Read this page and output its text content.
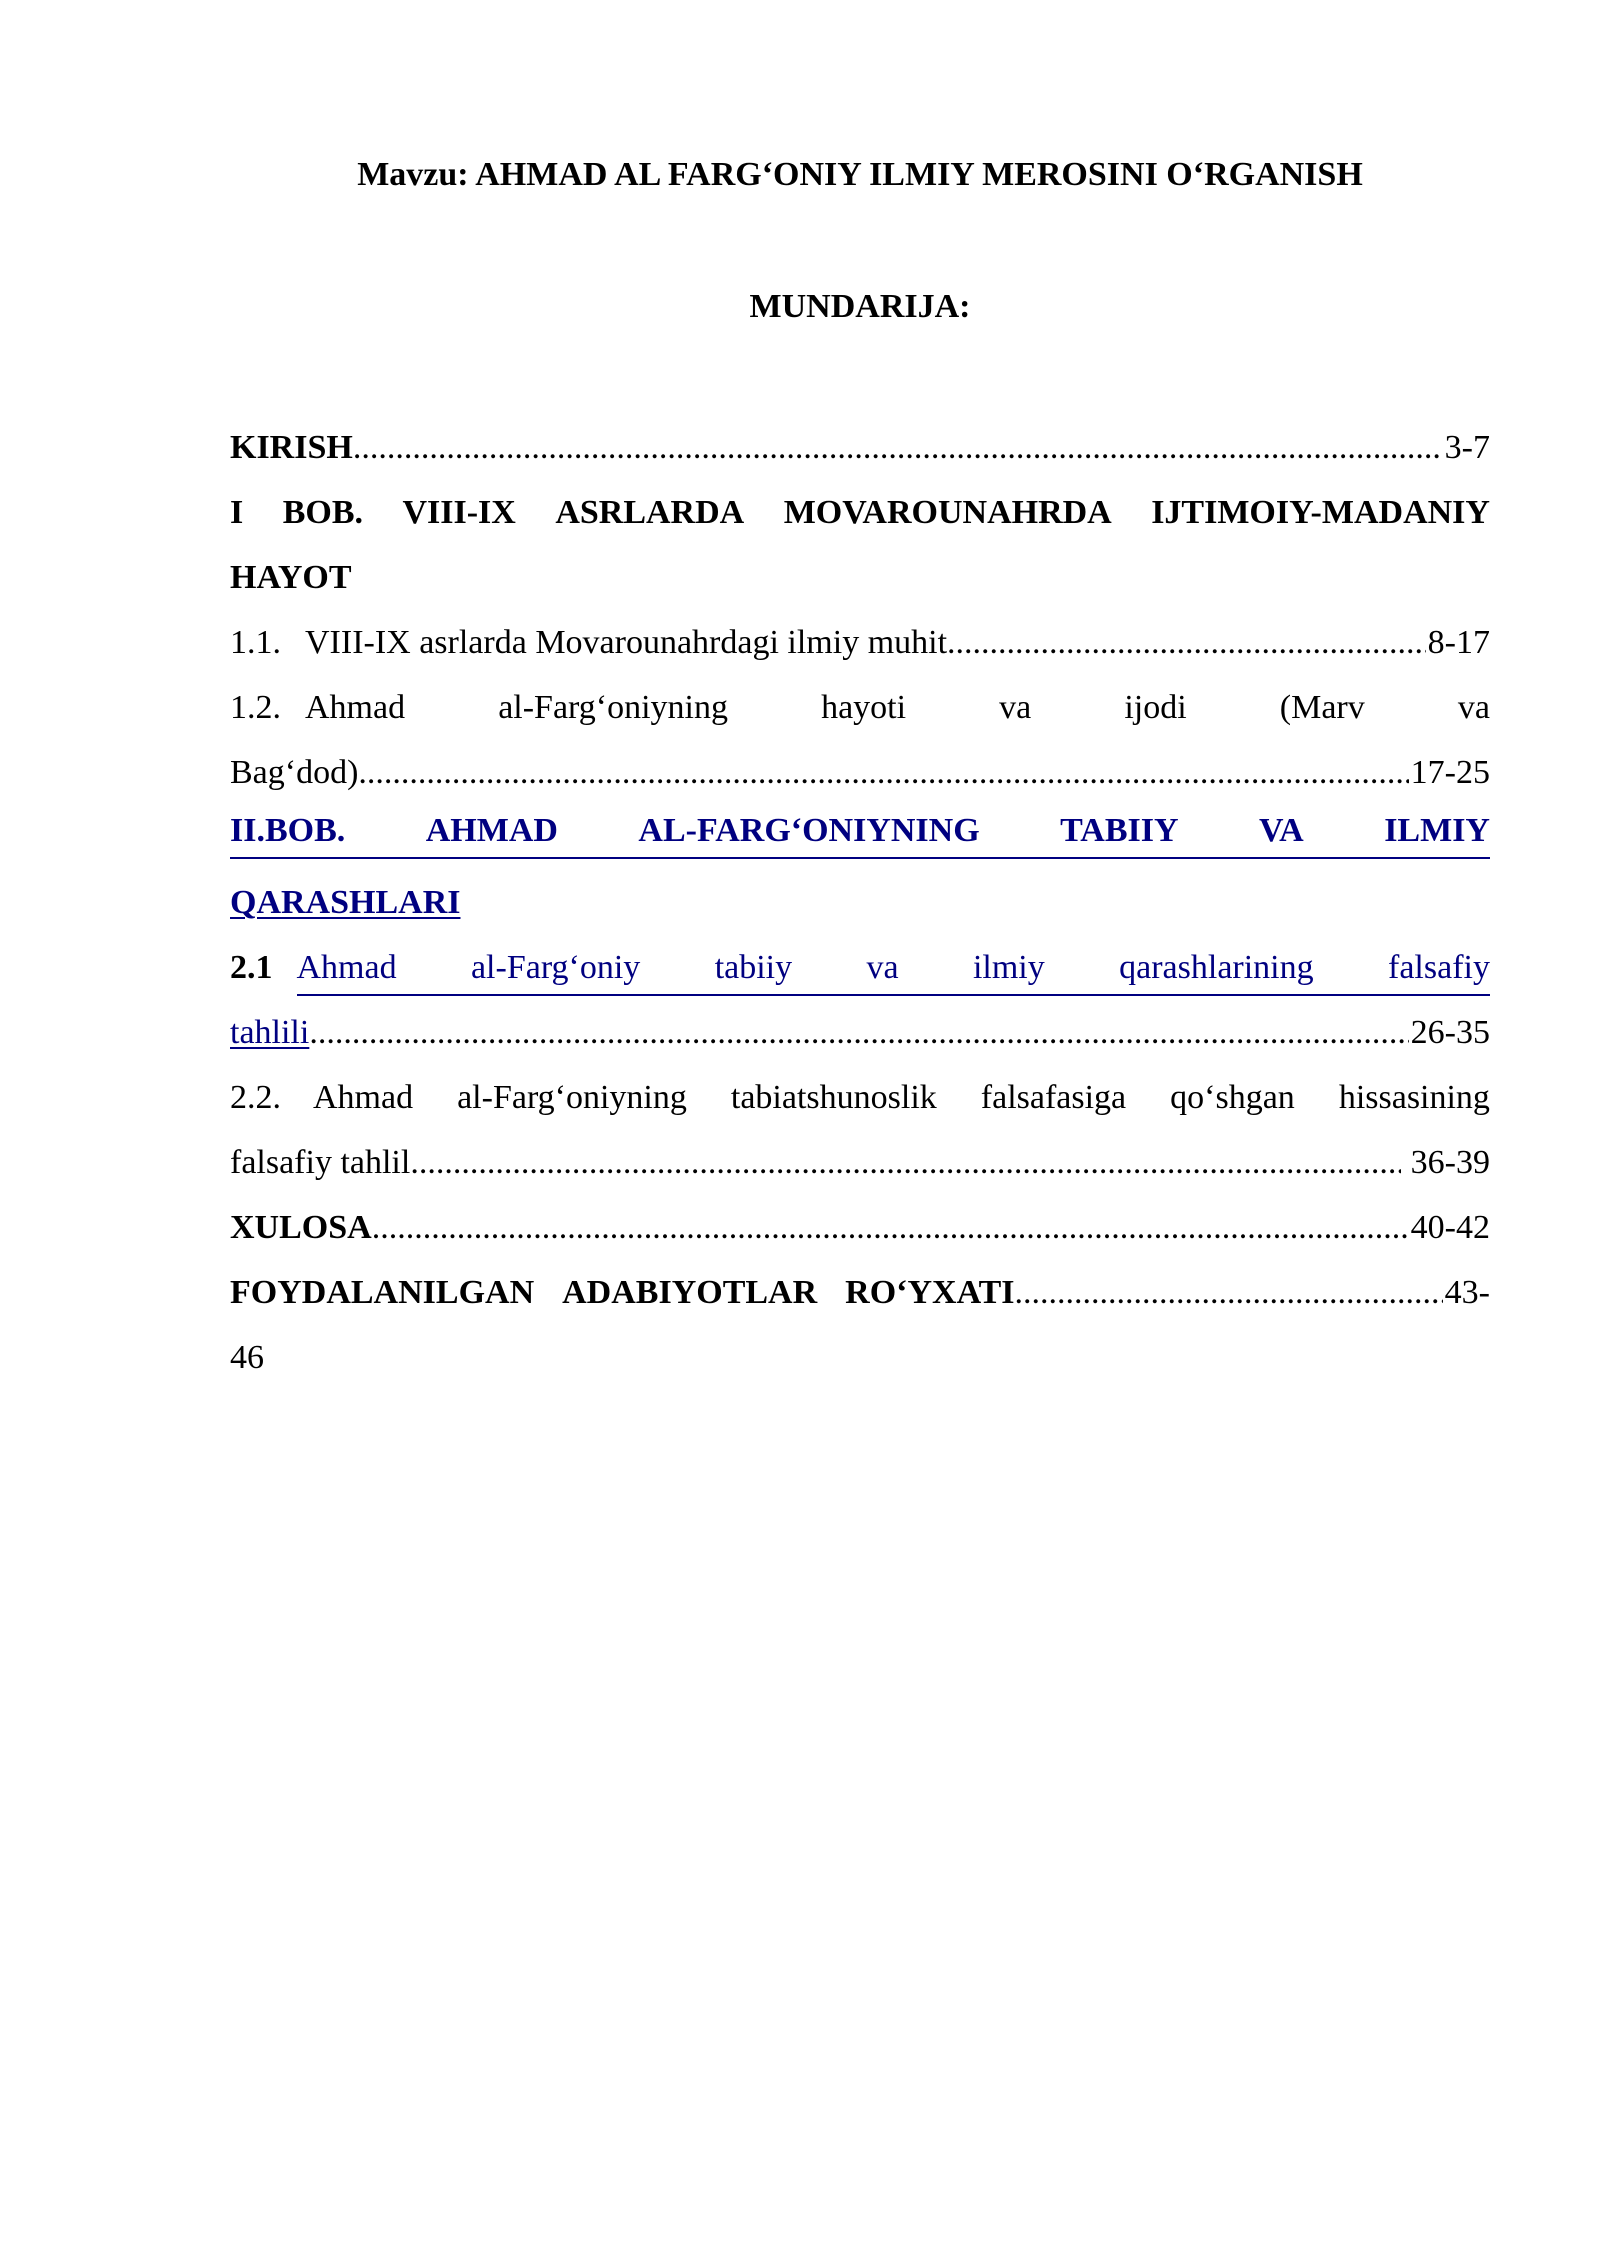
Mavzu: AHMAD AL FARG‘ONIY ILMIY MEROSINI O‘RGANISH
MUNDARIJA:
KIRISH .....	3-7
I BOB. VIII-IX ASRLARDA MOVAROUNAHRDA IJTIMOIY-MADANIY
HAYOT
1.1. VIII-IX asrlarda Movarounahrdagi ilmiy muhit .....	8-17
1.2. Ahmad	al-Farg‘oniyning	hayoti	va	ijodi	(Marv	va
Bag‘dod) .....	17-25
II.BOB. AHMAD AL-FARG‘ONIYNING TABIIY VA ILMIY
QARASHLARI
2.1 Ahmad al-Farg‘oniy tabiiy va ilmiy qarashlarining falsafiy
tahlili .....	26-35
2.2. Ahmad al-Farg‘oniyning tabiatshunoslik falsafasiga qo‘shgan hissasining
falsafiy tahlil .....	36-39
XULOSA .....	40-42
FOYDALANILGAN ADABIYOTLAR RO‘YXATI .....	43-
46
